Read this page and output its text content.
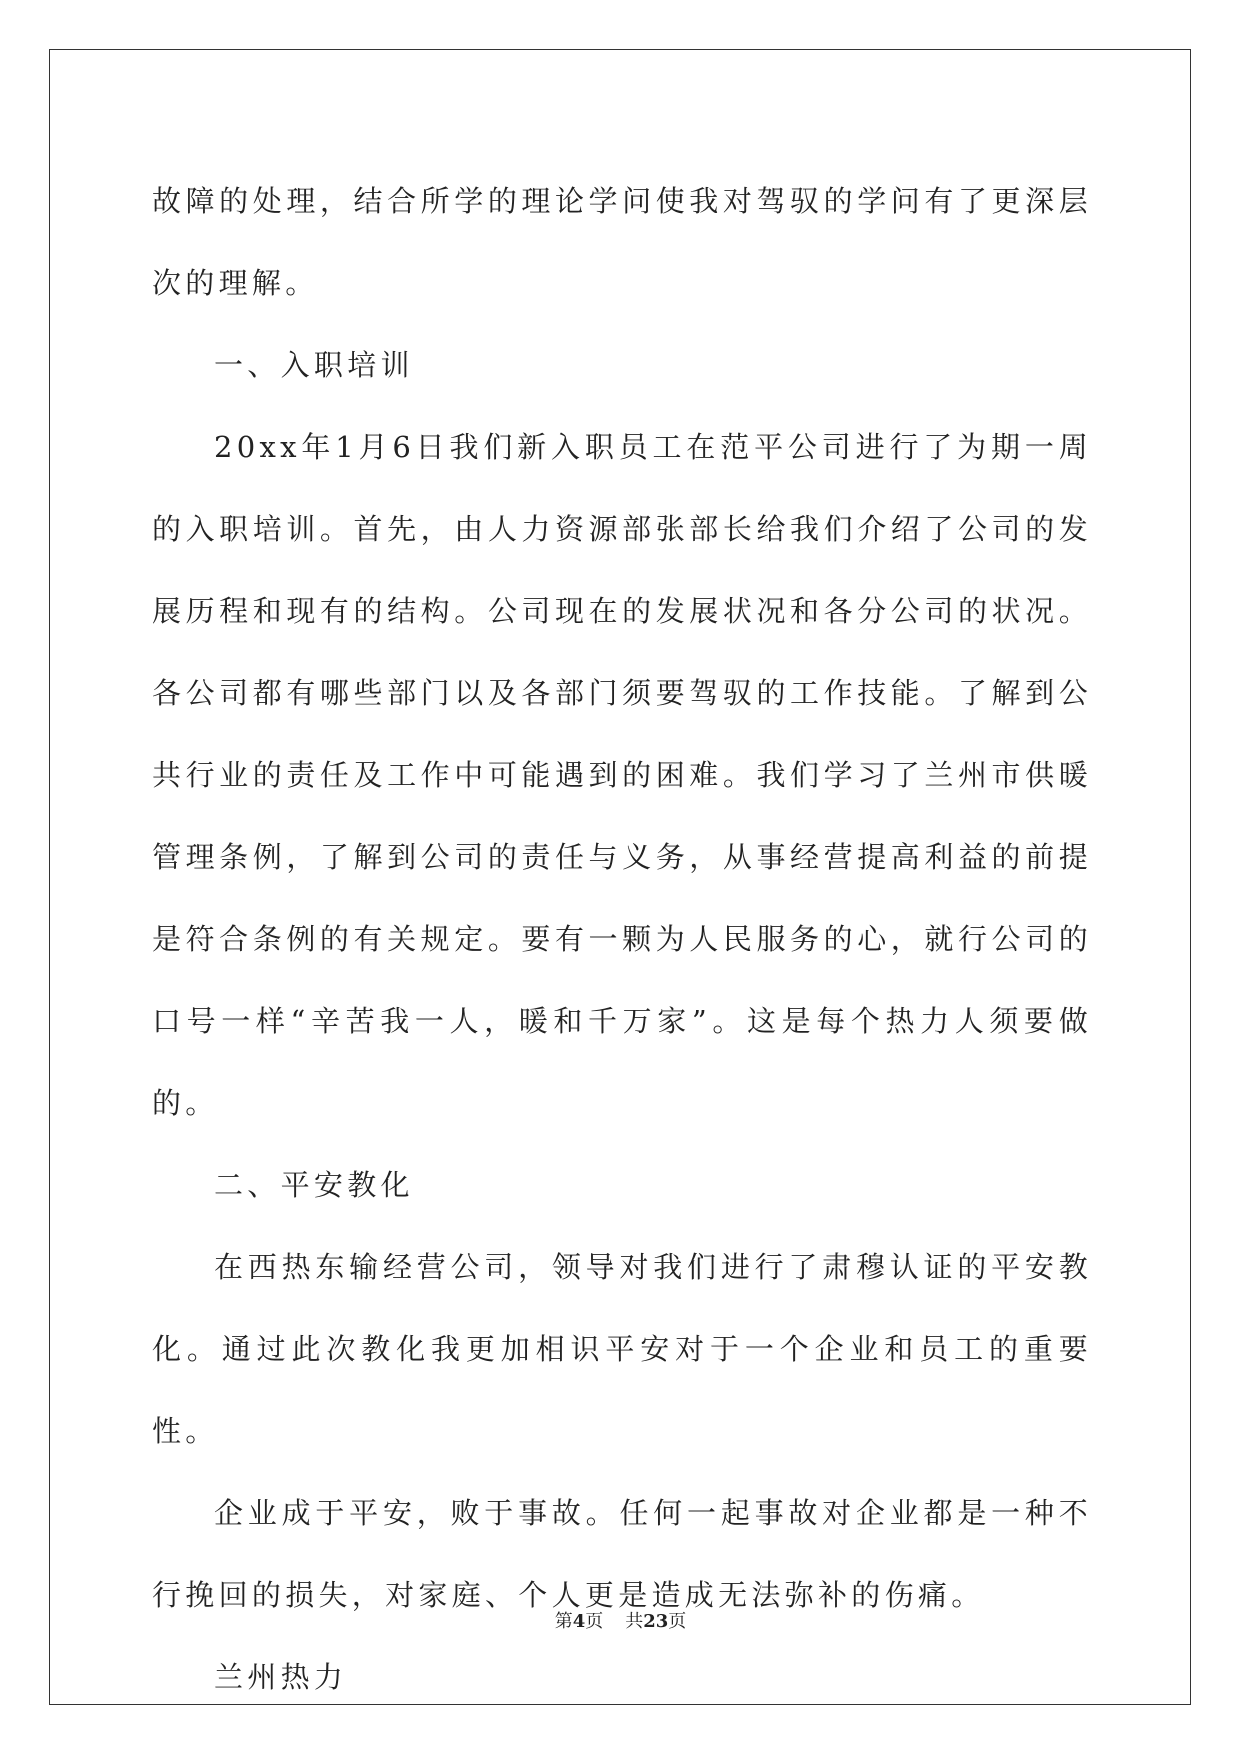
故障的处理，结合所学的理论学问使我对驾驭的学问有了更深层次的理解。

一、入职培训

20xx年1月6日我们新入职员工在范平公司进行了为期一周的入职培训。首先，由人力资源部张部长给我们介绍了公司的发展历程和现有的结构。公司现在的发展状况和各分公司的状况。各公司都有哪些部门以及各部门须要驾驭的工作技能。了解到公共行业的责任及工作中可能遇到的困难。我们学习了兰州市供暖管理条例，了解到公司的责任与义务，从事经营提高利益的前提是符合条例的有关规定。要有一颗为人民服务的心，就行公司的口号一样“辛苦我一人，暖和千万家”。这是每个热力人须要做的。

二、平安教化

在西热东输经营公司，领导对我们进行了肃穆认证的平安教化。通过此次教化我更加相识平安对于一个企业和员工的重要性。

企业成于平安，败于事故。任何一起事故对企业都是一种不行挽回的损失，对家庭、个人更是造成无法弥补的伤痛。

兰州热力

第4页 共23页
